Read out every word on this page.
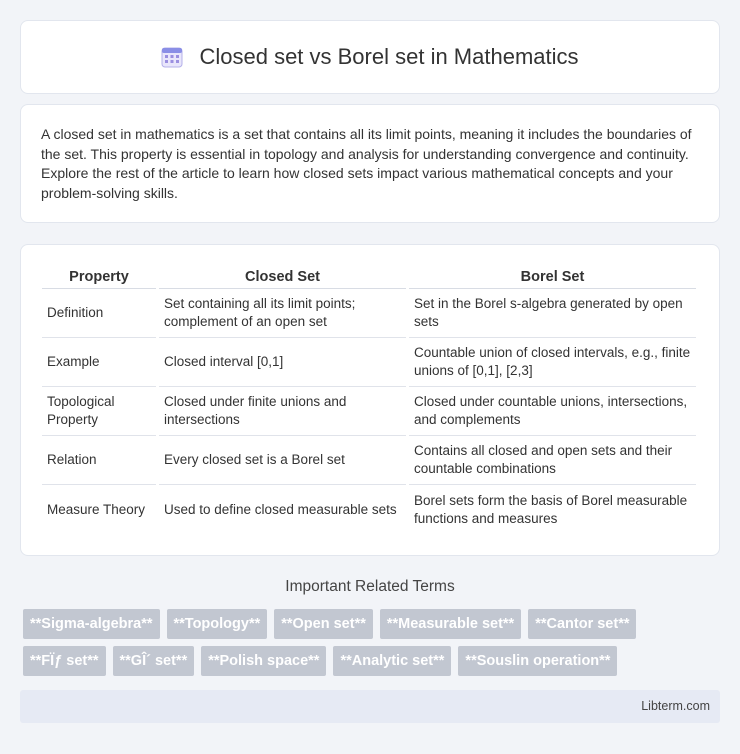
Closed set vs Borel set in Mathematics

A closed set in mathematics is a set that contains all its limit points, meaning it includes the boundaries of the set. This property is essential in topology and analysis for understanding convergence and continuity. Explore the rest of the article to learn how closed sets impact various mathematical concepts and your problem-solving skills.

Property	Closed Set	Borel Set
Definition	Set containing all its limit points; complement of an open set	Set in the Borel s-algebra generated by open sets
Example	Closed interval [0,1]	Countable union of closed intervals, e.g., finite unions of [0,1], [2,3]
Topological Property	Closed under finite unions and intersections	Closed under countable unions, intersections, and complements
Relation	Every closed set is a Borel set	Contains all closed and open sets and their countable combinations
Measure Theory	Used to define closed measurable sets	Borel sets form the basis of Borel measurable functions and measures
Important Related Terms
**Sigma-algebra**	**Topology**	**Open set**	**Measurable set**	**Cantor set**
**FÏƒ set**	**GÎ´ set**	**Polish space**	**Analytic set**	**Souslin operation**
Libterm.com
